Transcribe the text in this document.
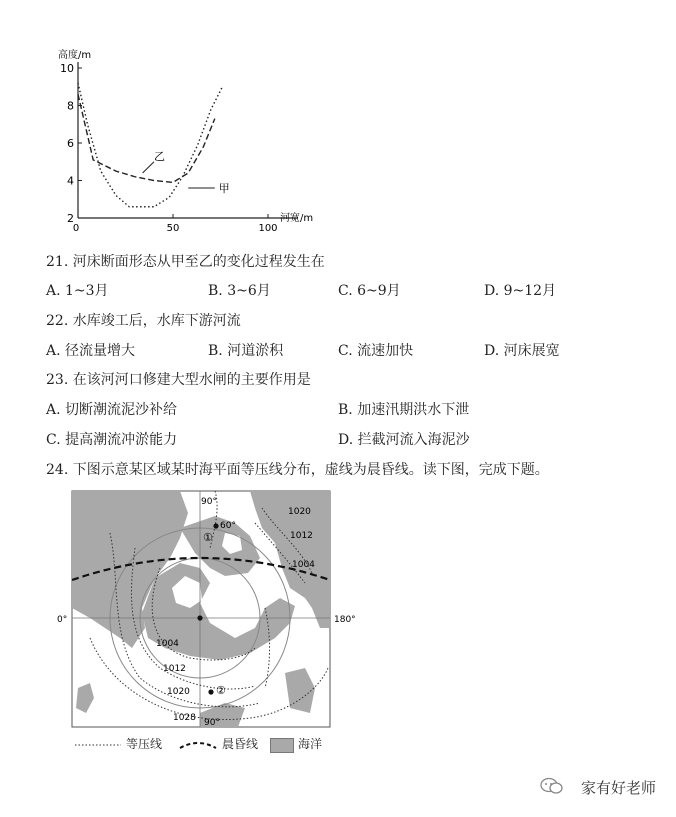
2
4
6
8
10
0	50	100
高度/m
河宽/m
甲
乙
21. 河床断面形态从甲至乙的变化过程发生在
A. 1~3月	B. 3~6月	C. 6~9月	D. 9~12月
22. 水库竣工后，水库下游河流
A. 径流量增大	B. 河道淤积	C. 流速加快	D. 河床展宽
23. 在该河河口修建大型水闸的主要作用是
A. 切断潮流泥沙补给	B. 加速汛期洪水下泄
C. 提高潮流冲淤能力	D. 拦截河流入海泥沙
24. 下图示意某区域某时海平面等压线分布，虚线为晨昏线。读下图，完成下题。
90°
60°
①
0°	180°
90°
②
1020
1012
1004
1004
1012
1020
1028
等压线	晨昏线	海洋
家有好老师
